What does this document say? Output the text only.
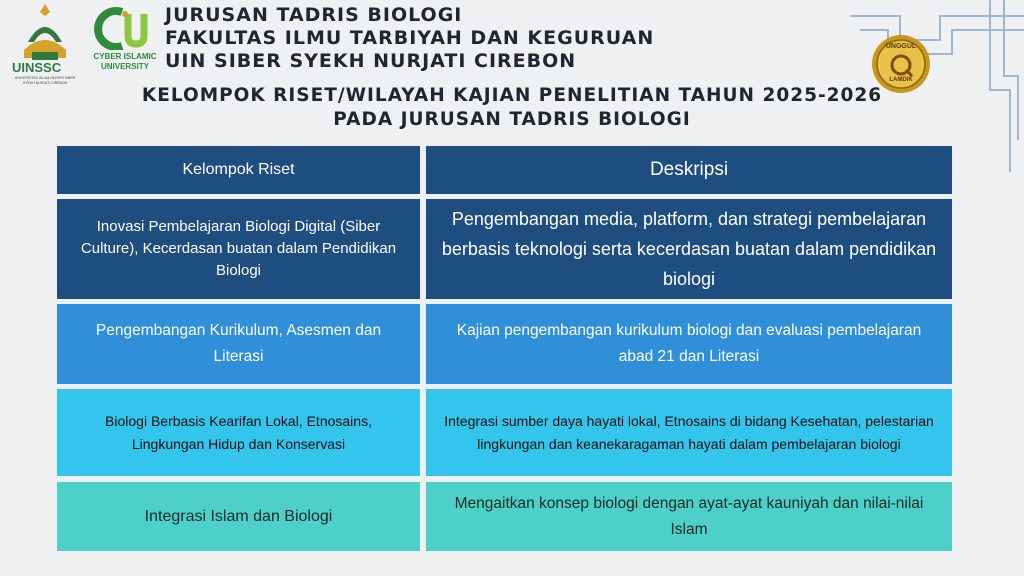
UINSSC
UNIVERSITAS ISLAM NEGERI SIBER SYEKH NURJATI CIREBON
CYBER ISLAMIC
UNIVERSITY
JURUSAN TADRIS BIOLOGI
FAKULTAS ILMU TARBIYAH DAN KEGURUAN
UIN SIBER SYEKH NURJATI CIREBON
UNGGUL
LAMDIK
KELOMPOK RISET/WILAYAH KAJIAN PENELITIAN TAHUN 2025-2026
PADA JURUSAN TADRIS BIOLOGI
Kelompok Riset	Deskripsi
Inovasi Pembelajaran Biologi Digital (Siber Culture), Kecerdasan buatan dalam Pendidikan Biologi
Pengembangan media, platform, dan strategi pembelajaran berbasis teknologi serta kecerdasan buatan dalam pendidikan biologi
Pengembangan Kurikulum, Asesmen dan Literasi
Kajian pengembangan kurikulum biologi dan evaluasi pembelajaran abad 21 dan Literasi
Biologi Berbasis Kearifan Lokal, Etnosains, Lingkungan Hidup dan Konservasi
Integrasi sumber daya hayati lokal, Etnosains di bidang Kesehatan, pelestarian lingkungan dan keanekaragaman hayati dalam pembelajaran biologi
Integrasi Islam dan Biologi
Mengaitkan konsep biologi dengan ayat-ayat kauniyah dan nilai-nilai Islam
